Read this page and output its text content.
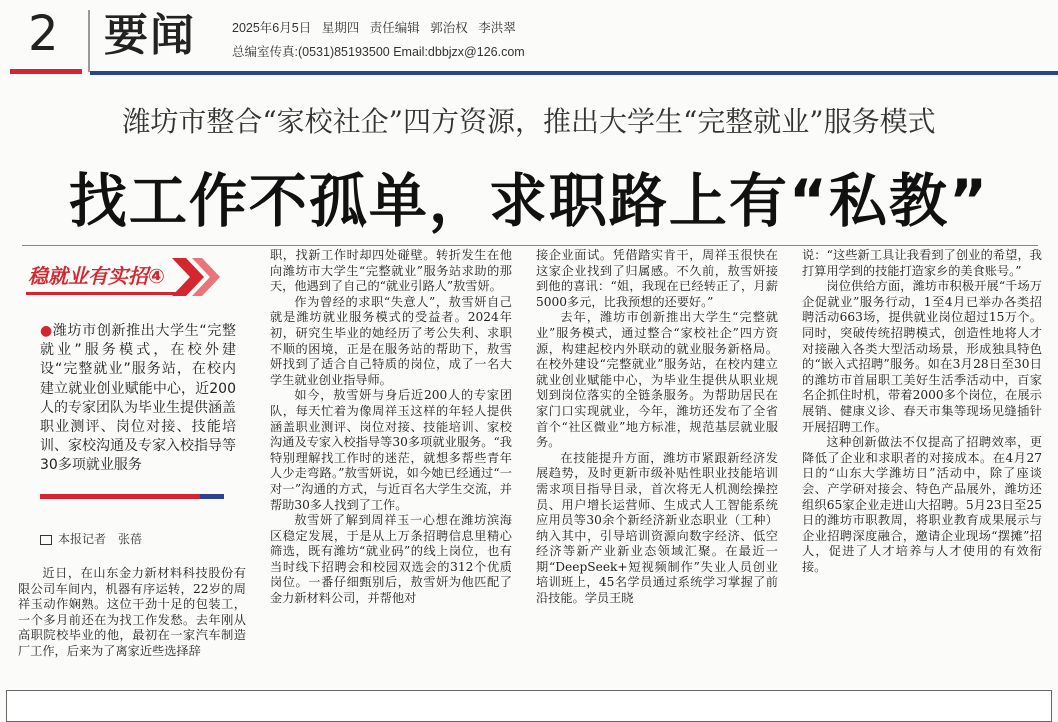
2 要闻	2025年6月5日 星期四 责任编辑 郭治权 李洪翠
总编室传真:(0531)85193500 Email:dbbjzx@126.com
潍坊市整合“家校社企”四方资源，推出大学生“完整就业”服务模式
找工作不孤单，求职路上有“私教”
稳就业有实招④
●潍坊市创新推出大学生“完整就业”服务模式，在校外建设“完整就业”服务站，在校内建立就业创业赋能中心，近200人的专家团队为毕业生提供涵盖职业测评、岗位对接、技能培训、家校沟通及专家入校指导等30多项就业服务
本报记者　张蓓

近日，在山东金力新材料科技股份有限公司车间内，机器有序运转，22岁的周祥玉动作娴熟。这位干劲十足的包装工，一个多月前还在为找工作发愁。去年刚从高职院校毕业的他，最初在一家汽车制造厂工作，后来为了离家近些选择辞

职，找新工作时却四处碰壁。转折发生在他向潍坊市大学生“完整就业”服务站求助的那天，他遇到了自己的“就业引路人”敖雪妍。

作为曾经的求职“失意人”，敖雪妍自己就是潍坊就业服务模式的受益者。2024年初，研究生毕业的她经历了考公失利、求职不顺的困境，正是在服务站的帮助下，敖雪妍找到了适合自己特质的岗位，成了一名大学生就业创业指导师。

如今，敖雪妍与身后近200人的专家团队，每天忙着为像周祥玉这样的年轻人提供涵盖职业测评、岗位对接、技能培训、家校沟通及专家入校指导等30多项就业服务。“我特别理解找工作时的迷茫，就想多帮些青年人少走弯路。”敖雪妍说，如今她已经通过“一对一”沟通的方式，与近百名大学生交流，并帮助30多人找到了工作。

敖雪妍了解到周祥玉一心想在潍坊滨海区稳定发展，于是从上万条招聘信息里精心筛选，既有潍坊“就业码”的线上岗位，也有当时线下招聘会和校园双选会的312个优质岗位。一番仔细甄别后，敖雪妍为他匹配了金力新材料公司，并帮他对

接企业面试。凭借踏实肯干，周祥玉很快在这家企业找到了归属感。不久前，敖雪妍接到他的喜讯：“姐，我现在已经转正了，月薪5000多元，比我预想的还要好。”

去年，潍坊市创新推出大学生“完整就业”服务模式，通过整合“家校社企”四方资源，构建起校内外联动的就业服务新格局。在校外建设“完整就业”服务站，在校内建立就业创业赋能中心，为毕业生提供从职业规划到岗位落实的全链条服务。为帮助居民在家门口实现就业，今年，潍坊还发布了全省首个“社区微业”地方标准，规范基层就业服务。

在技能提升方面，潍坊市紧跟新经济发展趋势，及时更新市级补贴性职业技能培训需求项目指导目录，首次将无人机测绘操控员、用户增长运营师、生成式人工智能系统应用员等30余个新经济新业态职业（工种）纳入其中，引导培训资源向数字经济、低空经济等新产业新业态领域汇聚。在最近一期“DeepSeek+短视频制作”失业人员创业培训班上，45名学员通过系统学习掌握了前沿技能。学员王晓

说：“这些新工具让我看到了创业的希望，我打算用学到的技能打造家乡的美食账号。”

岗位供给方面，潍坊市积极开展“千场万企促就业”服务行动，1至4月已举办各类招聘活动663场，提供就业岗位超过15万个。同时，突破传统招聘模式，创造性地将人才对接融入各类大型活动场景，形成独具特色的“嵌入式招聘”服务。如在3月28日至30日的潍坊市首届职工美好生活季活动中，百家名企抓住时机，带着2000多个岗位，在展示展销、健康义诊、春天市集等现场见缝插针开展招聘工作。

这种创新做法不仅提高了招聘效率，更降低了企业和求职者的对接成本。在4月27日的“山东大学潍坊日”活动中，除了座谈会、产学研对接会、特色产品展外，潍坊还组织65家企业走进山大招聘。5月23日至25日的潍坊市职教周，将职业教育成果展示与企业招聘深度融合，邀请企业现场“摆摊”招人，促进了人才培养与人才使用的有效衔接。
